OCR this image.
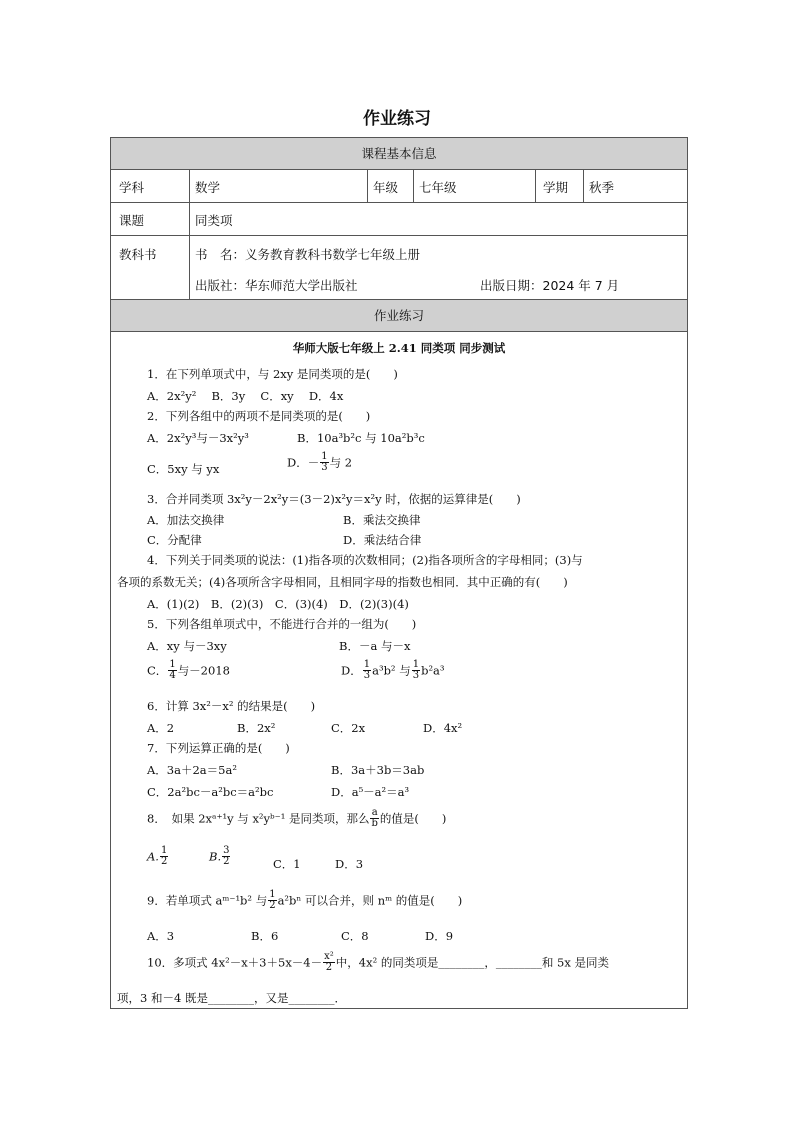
作业练习
课程基本信息
作业练习
学科	数学	年级 七年级	学期 秋季
课题	同类项
教科书	书　名：义务教育教科书数学七年级上册
出版社：华东师范大学出版社	出版日期：2024 年 7 月
华师大版七年级上 2.41 同类项 同步测试
1．在下列单项式中，与 2xy 是同类项的是(　　)
A．2x²y²　 B．3y　 C．xy　 D．4x
2．下列各组中的两项不是同类项的是(　　)
A．2x²y³与－3x²y³	B．10a³b²c 与 10a²b³c
C．5xy 与 yx	D．－ $\frac{1}{3}$ 与 2
3．合并同类项 3x²y－2x²y＝(3－2)x²y＝x²y 时，依据的运算律是(　　)
A．加法交换律	B．乘法交换律
C．分配律	D．乘法结合律
4．下列关于同类项的说法：(1)指各项的次数相同；(2)指各项所含的字母相同；(3)与
各项的系数无关；(4)各项所含字母相同，且相同字母的指数也相同．其中正确的有(　　)
A．(1)(2)　B．(2)(3)　C．(3)(4)　D．(2)(3)(4)
5．下列各组单项式中，不能进行合并的一组为(　　)
A．xy 与－3xy	B．－a 与－x
C． $\frac{1}{4}$ 与－2018	D． $\frac{1}{3} a^3b^2$ 与 $\frac{1}{3} b^2a^3$
6．计算 3x²－x² 的结果是(　　)
A．2	B．2x²	C．2x	D．4x²
7．下列运算正确的是(　　)
A．3a＋2a＝5a²	B．3a＋3b＝3ab
C．2a²bc－a²bc＝a²bc	D．a⁵－a²＝a³
8．　如果 2xᵃ⁺¹y 与 x²yᵇ⁻¹ 是同类项，那么 $\frac{a}{b}$ 的值是(　　)
A. $\frac{1}{2}$	B. $\frac{3}{2}$	C．1	D．3
9．若单项式 aᵐ⁻¹b² 与 $\frac{1}{2} a^2b^n$ 可以合并，则 nᵐ 的值是(　　)
A．3	B．6	C．8	D．9
10．多项式 $4x^2-x+3+5x-4- \frac{\text{x²}}{2}$ 中，4x² 的同类项是________，________和 5x 是同类
项，3 和－4 既是________，又是________．
